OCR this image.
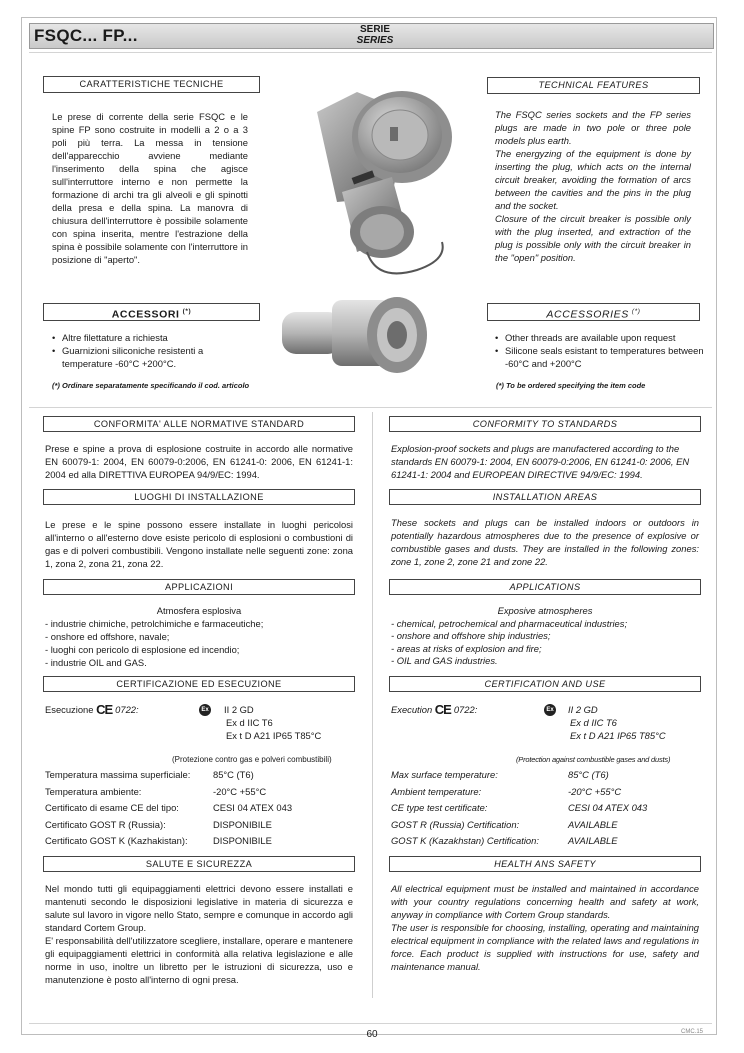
FSQC... FP...	SERIE
SERIES
CARATTERISTICHE TECNICHE
Le prese di corrente della serie FSQC e le spine FP sono costruite in modelli a 2 o a 3 poli più terra. La messa in tensione dell'apparecchio avviene mediante l'inserimento della spina che agisce sull'interruttore interno e non permette la formazione di archi tra gli alveoli e gli spinotti della presa e della spina. La manovra di chiusura dell'interruttore è possibile solamente con spina inserita, mentre l'estrazione della spina è possibile solamente con l'interruttore in posizione di "aperto".
ACCESSORI (*)
• Altre filettature a richiesta
• Guarnizioni siliconiche resistenti a temperature -60°C +200°C.
(*) Ordinare separatamente specificando il cod. articolo
CONFORMITA' ALLE NORMATIVE STANDARD
Prese e spine a prova di esplosione costruite in accordo alle normative EN 60079-1: 2004, EN 60079-0:2006, EN 61241-0: 2006, EN 61241-1: 2004 ed alla DIRETTIVA EUROPEA 94/9/EC: 1994.
LUOGHI DI INSTALLAZIONE
Le prese e le spine possono essere installate in luoghi pericolosi all'interno o all'esterno dove esiste pericolo di esplosioni o combustioni di gas e di polveri combustibili. Vengono installate nelle seguenti zone: zona 1, zona 2, zona 21, zona 22.
APPLICAZIONI

Atmosfera esplosiva

- industrie chimiche, petrolchimiche e farmaceutiche;

- onshore ed offshore, navale;

- luoghi con pericolo di esplosione ed incendio;

- industrie OIL and GAS.

CERTIFICAZIONE ED ESECUZIONE
Esecuzione CE 0722:	Ex II 2 GD

Ex d IIC T6

Ex t D A21 IP65 T85°C

(Protezione contro gas e polveri combustibili)
Temperatura massima superficiale:	85°C (T6)
Temperatura ambiente:	-20°C +55°C
Certificato di esame CE del tipo:	CESI 04 ATEX 043
Certificato GOST R (Russia):	DISPONIBILE
Certificato GOST K (Kazhakistan):	DISPONIBILE
SALUTE E SICUREZZA

Nel mondo tutti gli equipaggiamenti elettrici devono essere installati e mantenuti secondo le disposizioni legislative in materia di sicurezza e salute sul lavoro in vigore nello Stato, sempre e comunque in accordo agli standard Cortem Group.

E' responsabilità dell'utilizzatore scegliere, installare, operare e mantenere gli equipaggiamenti elettrici in conformità alla relativa legislazione e alle norme in uso, inoltre un libretto per le istruzioni di sicurezza, uso e manutenzione è posto all'interno di ogni presa.

TECHNICAL FEATURES

The FSQC series sockets and the FP series plugs are made in two pole or three pole models plus earth.

The energyzing of the equipment is done by inserting the plug, which acts on the internal circuit breaker, avoiding the formation of arcs between the cavities and the pins in the plug and the socket.

Closure of the circuit breaker is possible only with the plug inserted, and extraction of the plug is possible only with the circuit breaker in the "open" position.

ACCESSORIES (*)
• Other threads are available upon request
• Silicone seals esistant to temperatures between -60°C and +200°C
(*) To be ordered specifying the item code
CONFORMITY TO STANDARDS
Explosion-proof sockets and plugs are manufactered according to the standards EN 60079-1: 2004, EN 60079-0:2006, EN 61241-0: 2006, EN 61241-1: 2004 and EUROPEAN DIRECTIVE 94/9/EC: 1994.
INSTALLATION AREAS
These sockets and plugs can be installed indoors or outdoors in potentially hazardous atmospheres due to the presence of explosive or combustible gases and dusts. They are installed in the following zones: zone 1, zone 2, zone 21 and zone 22.
APPLICATIONS

Exposive atmospheres

- chemical, petrochemical and pharmaceutical industries;

- onshore and offshore ship industries;

- areas at risks of explosion and fire;

- OIL and GAS industries.

CERTIFICATION AND USE
Execution CE 0722:	Ex II 2 GD

Ex d IIC T6

Ex t D A21 IP65 T85°C

(Protection against combustible gases and dusts)
Max surface temperature:	85°C (T6)
Ambient temperature:	-20°C +55°C
CE type test certificate:	CESI 04 ATEX 043
GOST R (Russia) Certification:	AVAILABLE
GOST K (Kazakhstan) Certification:	AVAILABLE
HEALTH ANS SAFETY

All electrical equipment must be installed and maintained in accordance with your country regulations concerning health and safety at work, anyway in compliance with Cortem Group standards.

The user is responsible for choosing, installing, operating and maintaining electrical equipment in compliance with the related laws and regulations in force. Each product is supplied with instructions for use, safety and maintenance manual.

60	CMC.15
